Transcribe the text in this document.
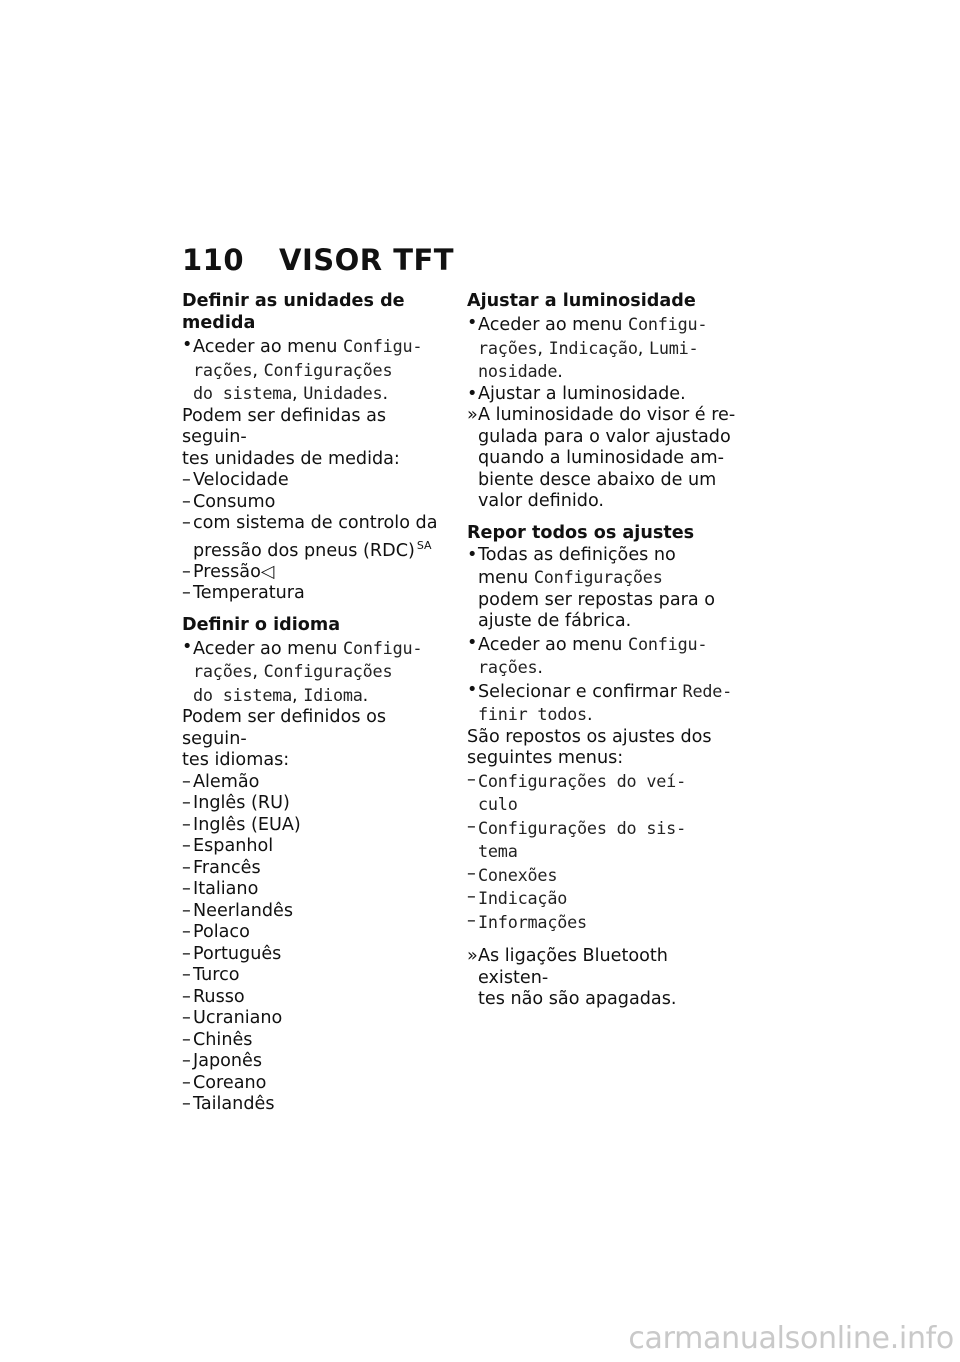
110 VISOR TFT
Definir as unidades de medida
• Aceder ao menu Configu-
rações, Configurações
do sistema, Unidades.

Podem ser definidas as seguin-
tes unidades de medida:

– Velocidade
– Consumo
– com sistema de controlo da
pressão dos pneus (RDC) $^{SA}$
– Pressão◁
– Temperatura
Definir o idioma
• Aceder ao menu Configu-
rações, Configurações
do sistema, Idioma.

Podem ser definidos os seguin-
tes idiomas:

– Alemão
– Inglês (RU)
– Inglês (EUA)
– Espanhol
– Francês
– Italiano
– Neerlandês
– Polaco
– Português
– Turco
– Russo
– Ucraniano
– Chinês
– Japonês
– Coreano
– Tailandês
Ajustar a luminosidade
• Aceder ao menu Configu-
rações, Indicação, Lumi-
nosidade.
• Ajustar a luminosidade.
» A luminosidade do visor é re-
gulada para o valor ajustado
quando a luminosidade am-
biente desce abaixo de um
valor definido.
Repor todos os ajustes
• Todas as definições no
menu Configurações
podem ser repostas para o
ajuste de fábrica.
• Aceder ao menu Configu-
rações.
• Selecionar e confirmar Rede-
finir todos.

São repostos os ajustes dos
seguintes menus:

– Configurações do veí-
culo
– Configurações do sis-
tema
– Conexões
– Indicação
– Informações
» As ligações Bluetooth existen-
tes não são apagadas.
carmanualsonline.info
